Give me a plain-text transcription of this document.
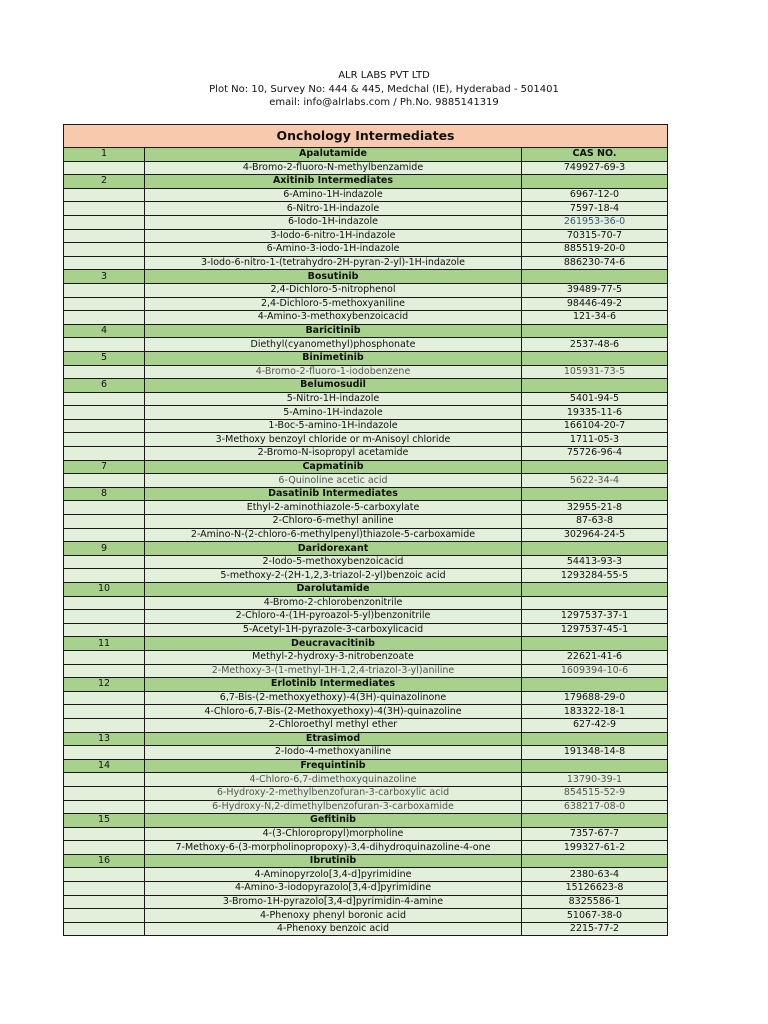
ALR LABS PVT LTD
Plot No: 10, Survey No: 444 & 445, Medchal (IE), Hyderabad - 501401
email: info@alrlabs.com / Ph.No. 9885141319
Onchology Intermediates		
1	Apalutamide	CAS NO.
	4-Bromo-2-fluoro-N-methylbenzamide	749927-69-3
2	Axitinib Intermediates	
	6-Amino-1H-indazole	6967-12-0
	6-Nitro-1H-indazole	7597-18-4
	6-Iodo-1H-indazole	261953-36-0
	3-Iodo-6-nitro-1H-indazole	70315-70-7
	6-Amino-3-iodo-1H-indazole	885519-20-0
	3-Iodo-6-nitro-1-(tetrahydro-2H-pyran-2-yl)-1H-indazole	886230-74-6
3	Bosutinib	
	2,4-Dichloro-5-nitrophenol	39489-77-5
	2,4-Dichloro-5-methoxyaniline	98446-49-2
	4-Amino-3-methoxybenzoicacid	121-34-6
4	Baricitinib	
	Diethyl(cyanomethyl)phosphonate	2537-48-6
5	Binimetinib	
	4-Bromo-2-fluoro-1-iodobenzene	105931-73-5
6	Belumosudil	
	5-Nitro-1H-indazole	5401-94-5
	5-Amino-1H-indazole	19335-11-6
	1-Boc-5-amino-1H-indazole	166104-20-7
	3-Methoxy benzoyl chloride or m-Anisoyl chloride	1711-05-3
	2-Bromo-N-isopropyl acetamide	75726-96-4
7	Capmatinib	
	6-Quinoline acetic acid	5622-34-4
8	Dasatinib Intermediates	
	Ethyl-2-aminothiazole-5-carboxylate	32955-21-8
	2-Chloro-6-methyl aniline	87-63-8
	2-Amino-N-(2-chloro-6-methylpenyl)thiazole-5-carboxamide	302964-24-5
9	Daridorexant	
	2-Iodo-5-methoxybenzoicacid	54413-93-3
	5-methoxy-2-(2H-1,2,3-triazol-2-yl)benzoic acid	1293284-55-5
10	Darolutamide	
	4-Bromo-2-chlorobenzonitrile	
	2-Chloro-4-(1H-pyroazol-5-yl)benzonitrile	1297537-37-1
	5-Acetyl-1H-pyrazole-3-carboxylicacid	1297537-45-1
11	Deucravacitinib	
	Methyl-2-hydroxy-3-nitrobenzoate	22621-41-6
	2-Methoxy-3-(1-methyl-1H-1,2,4-triazol-3-yl)aniline	1609394-10-6
12	Erlotinib Intermediates	
	6,7-Bis-(2-methoxyethoxy)-4(3H)-quinazolinone	179688-29-0
	4-Chloro-6,7-Bis-(2-Methoxyethoxy)-4(3H)-quinazoline	183322-18-1
	2-Chloroethyl methyl ether	627-42-9
13	Etrasimod	
	2-Iodo-4-methoxyaniline	191348-14-8
14	Frequintinib	
	4-Chloro-6,7-dimethoxyquinazoline	13790-39-1
	6-Hydroxy-2-methylbenzofuran-3-carboxylic acid	854515-52-9
	6-Hydroxy-N,2-dimethylbenzofuran-3-carboxamide	638217-08-0
15	Gefitinib	
	4-(3-Chloropropyl)morpholine	7357-67-7
	7-Methoxy-6-(3-morpholinopropoxy)-3,4-dihydroquinazoline-4-one	199327-61-2
16	Ibrutinib	
	4-Aminopyrzolo[3,4-d]pyrimidine	2380-63-4
	4-Amino-3-iodopyrazolo[3,4-d]pyrimidine	15126623-8
	3-Bromo-1H-pyrazolo[3,4-d]pyrimidin-4-amine	8325586-1
	4-Phenoxy phenyl boronic acid	51067-38-0
	4-Phenoxy benzoic acid	2215-77-2
